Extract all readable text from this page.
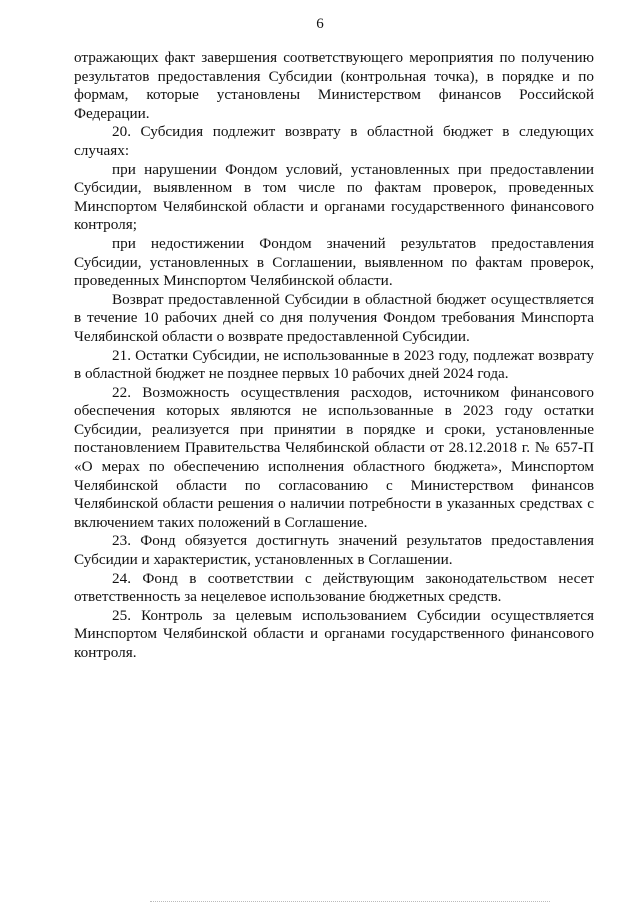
6

отражающих факт завершения соответствующего мероприятия по получению результатов предоставления Субсидии (контрольная точка), в порядке и по формам, которые установлены Министерством финансов Российской Федерации.

20. Субсидия подлежит возврату в областной бюджет в следующих случаях:

при нарушении Фондом условий, установленных при предоставлении Субсидии, выявленном в том числе по фактам проверок, проведенных Минспортом Челябинской области и органами государственного финансового контроля;

при недостижении Фондом значений результатов предоставления Субсидии, установленных в Соглашении, выявленном по фактам проверок, проведенных Минспортом Челябинской области.

Возврат предоставленной Субсидии в областной бюджет осуществляется в течение 10 рабочих дней со дня получения Фондом требования Минспорта Челябинской области о возврате предоставленной Субсидии.

21. Остатки Субсидии, не использованные в 2023 году, подлежат возврату в областной бюджет не позднее первых 10 рабочих дней 2024 года.

22. Возможность осуществления расходов, источником финансового обеспечения которых являются не использованные в 2023 году остатки Субсидии, реализуется при принятии в порядке и сроки, установленные постановлением Правительства Челябинской области от 28.12.2018 г. № 657-П «О мерах по обеспечению исполнения областного бюджета», Минспортом Челябинской области по согласованию с Министерством финансов Челябинской области решения о наличии потребности в указанных средствах с включением таких положений в Соглашение.

23. Фонд обязуется достигнуть значений результатов предоставления Субсидии и характеристик, установленных в Соглашении.

24. Фонд в соответствии с действующим законодательством несет ответственность за нецелевое использование бюджетных средств.

25. Контроль за целевым использованием Субсидии осуществляется Минспортом Челябинской области и органами государственного финансового контроля.
